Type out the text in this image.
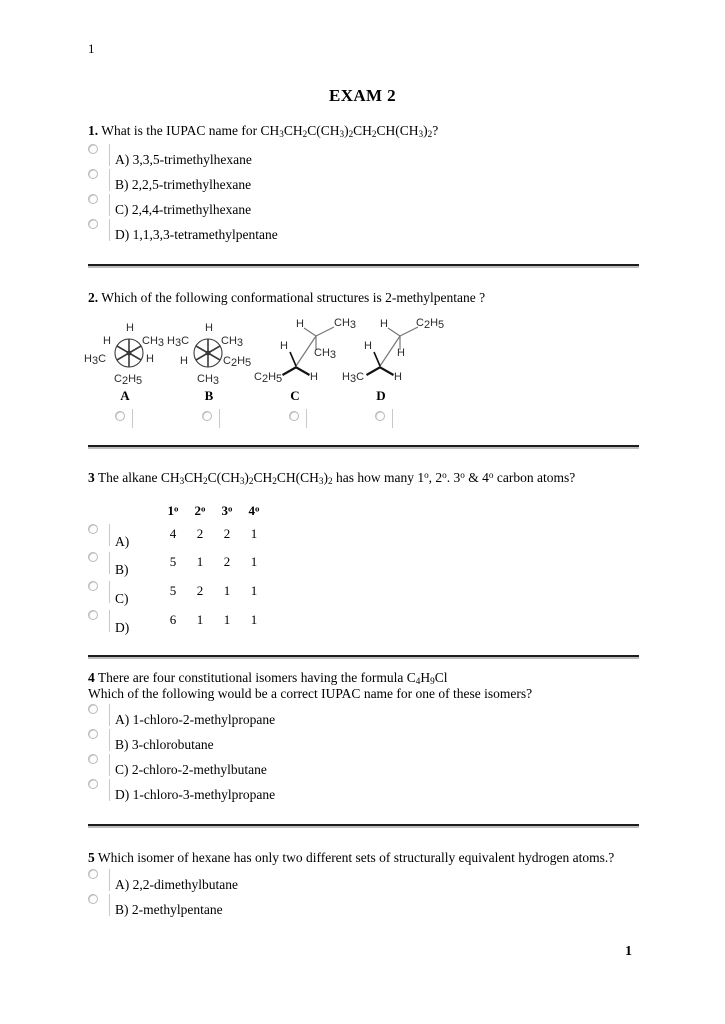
1
EXAM 2
1. What is the IUPAC name for $CH_3CH_2C(CH_3)_2CH_2CH(CH_3)_2$?
A) 3,3,5-trimethylhexane
B) 2,2,5-trimethylhexane
C) 2,4,4-trimethylhexane
D) 1,1,3,3-tetramethylpentane
2. Which of the following conformational structures is 2-methylpentane ?
H
H	CH3
H3C	H
C2H5
H
H3C	CH3
H	C2H5
CH3
H	CH3
CH3
H
C2H5	H
H	C2H5
H
H
H3C	H
A	B	C	D
3 The alkane $CH_3CH_2C(CH_3)_2CH_2CH(CH_3)_2$ has how many 1$^o$, 2$^o$. 3$^o$ & 4$^o$ carbon atoms?
1$^o$	2$^o$	3$^o$	4$^o$
A)
4	2	2	1
B)
5	1	2	1
C)
5	2	1	1
D)
6	1	1	1
4 There are four constitutional isomers having the formula $C_4H_9Cl$
Which of the following would be a correct IUPAC name for one of these isomers?
A) 1-chloro-2-methylpropane
B) 3-chlorobutane
C) 2-chloro-2-methylbutane
D) 1-chloro-3-methylpropane
5 Which isomer of hexane has only two different sets of structurally equivalent hydrogen atoms.?
A) 2,2-dimethylbutane
B) 2-methylpentane
1
